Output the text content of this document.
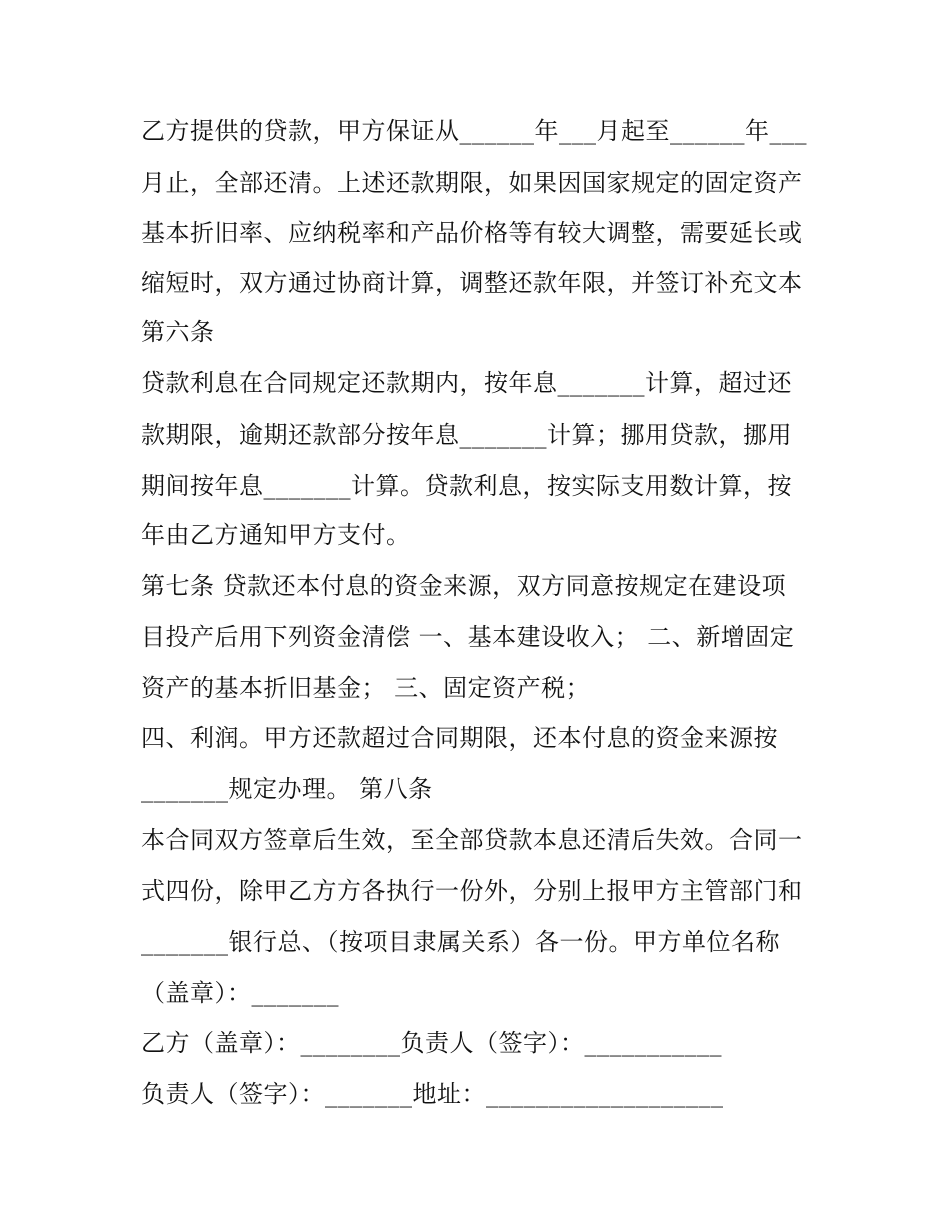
乙方提供的贷款，甲方保证从______年___月起至______年___
月止，全部还清。上述还款期限，如果因国家规定的固定资产
基本折旧率、应纳税率和产品价格等有较大调整，需要延长或
缩短时，双方通过协商计算，调整还款年限，并签订补充文本
第六条
贷款利息在合同规定还款期内，按年息_______计算，超过还
款期限，逾期还款部分按年息_______计算；挪用贷款，挪用
期间按年息_______计算。贷款利息，按实际支用数计算，按
年由乙方通知甲方支付。
第七条 贷款还本付息的资金来源，双方同意按规定在建设项
目投产后用下列资金清偿 一、基本建设收入； 二、新增固定
资产的基本折旧基金； 三、固定资产税；
四、利润。甲方还款超过合同期限，还本付息的资金来源按
_______规定办理。 第八条
本合同双方签章后生效，至全部贷款本息还清后失效。合同一
式四份，除甲乙方方各执行一份外，分别上报甲方主管部门和
_______银行总、（按项目隶属关系）各一份。甲方单位名称
（盖章）：_______
乙方（盖章）：________负责人（签字）：___________
负责人（签字）：_______地址：___________________
